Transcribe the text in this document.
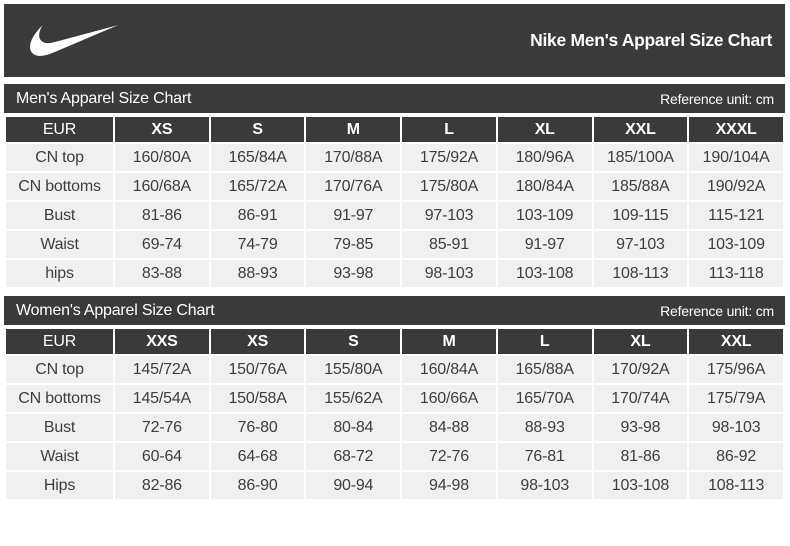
Nike Men's Apparel Size Chart
Men's Apparel Size Chart	Reference unit: cm
EUR	XS	S	M	L	XL	XXL	XXXL
CN top	160/80A	165/84A	170/88A	175/92A	180/96A	185/100A	190/104A
CN bottoms	160/68A	165/72A	170/76A	175/80A	180/84A	185/88A	190/92A
Bust	81-86	86-91	91-97	97-103	103-109	109-115	115-121
Waist	69-74	74-79	79-85	85-91	91-97	97-103	103-109
hips	83-88	88-93	93-98	98-103	103-108	108-113	113-118
Women's Apparel Size Chart	Reference unit: cm
EUR	XXS	XS	S	M	L	XL	XXL
CN top	145/72A	150/76A	155/80A	160/84A	165/88A	170/92A	175/96A
CN bottoms	145/54A	150/58A	155/62A	160/66A	165/70A	170/74A	175/79A
Bust	72-76	76-80	80-84	84-88	88-93	93-98	98-103
Waist	60-64	64-68	68-72	72-76	76-81	81-86	86-92
Hips	82-86	86-90	90-94	94-98	98-103	103-108	108-113
